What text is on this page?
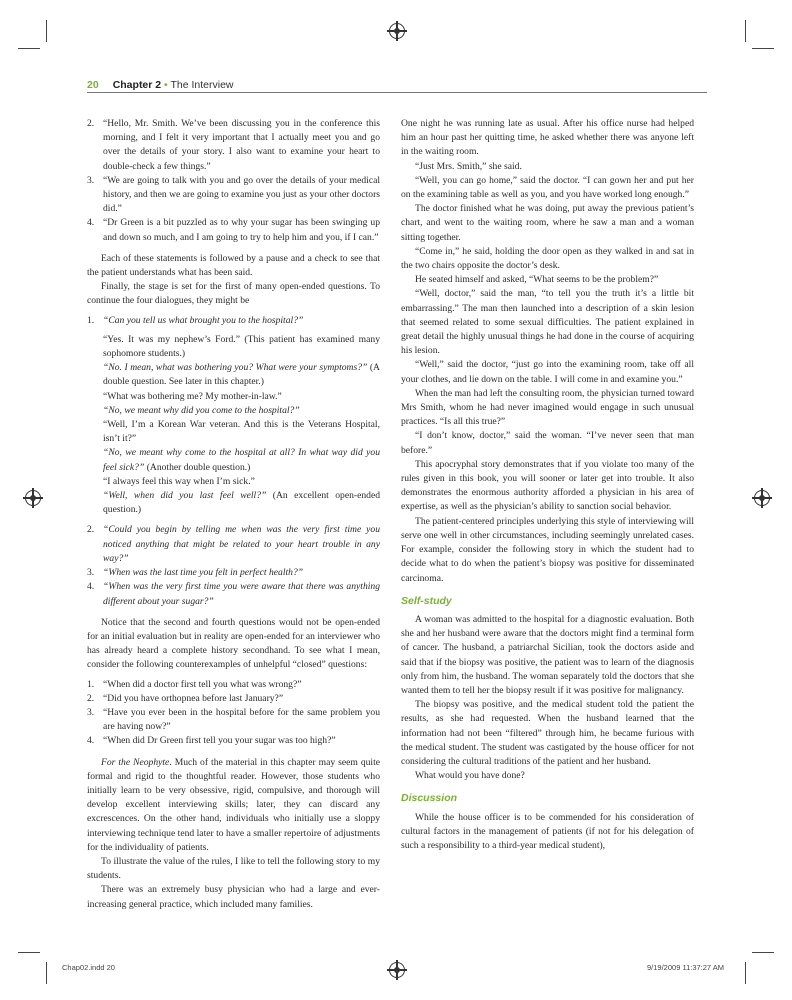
20 Chapter 2 • The Interview
2. “Hello, Mr. Smith. We’ve been discussing you in the conference this morning, and I felt it very important that I actually meet you and go over the details of your story. I also want to examine your heart to double-check a few things.”
3. “We are going to talk with you and go over the details of your medical history, and then we are going to examine you just as your other doctors did.”
4. “Dr Green is a bit puzzled as to why your sugar has been swinging up and down so much, and I am going to try to help him and you, if I can.”

Each of these statements is followed by a pause and a check to see that the patient understands what has been said.

Finally, the stage is set for the first of many open-ended questions. To continue the four dialogues, they might be

1. “Can you tell us what brought you to the hospital?”

“Yes. It was my nephew’s Ford.” (This patient has examined many sophomore students.)

“No. I mean, what was bothering you? What were your symptoms?” (A double question. See later in this chapter.)

“What was bothering me? My mother-in-law.”

“No, we meant why did you come to the hospital?”

“Well, I’m a Korean War veteran. And this is the Veterans Hospital, isn’t it?”

“No, we meant why come to the hospital at all? In what way did you feel sick?” (Another double question.)

“I always feel this way when I’m sick.”

“Well, when did you last feel well?” (An excellent open-ended question.)

2. “Could you begin by telling me when was the very first time you noticed anything that might be related to your heart trouble in any way?”
3. “When was the last time you felt in perfect health?”
4. “When was the very first time you were aware that there was anything different about your sugar?”

Notice that the second and fourth questions would not be open-ended for an initial evaluation but in reality are open-ended for an interviewer who has already heard a complete history secondhand. To see what I mean, consider the following counterexamples of unhelpful “closed” questions:

1. “When did a doctor first tell you what was wrong?”
2. “Did you have orthopnea before last January?”
3. “Have you ever been in the hospital before for the same problem you are having now?”
4. “When did Dr Green first tell you your sugar was too high?”

For the Neophyte. Much of the material in this chapter may seem quite formal and rigid to the thoughtful reader. However, those students who initially learn to be very obsessive, rigid, compulsive, and thorough will develop excellent interviewing skills; later, they can discard any excrescences. On the other hand, individuals who initially use a sloppy interviewing technique tend later to have a smaller repertoire of adjustments for the individuality of patients.

To illustrate the value of the rules, I like to tell the following story to my students.

There was an extremely busy physician who had a large and ever-increasing general practice, which included many families.

One night he was running late as usual. After his office nurse had helped him an hour past her quitting time, he asked whether there was anyone left in the waiting room.

“Just Mrs. Smith,” she said.

“Well, you can go home,” said the doctor. “I can gown her and put her on the examining table as well as you, and you have worked long enough.”

The doctor finished what he was doing, put away the previous patient’s chart, and went to the waiting room, where he saw a man and a woman sitting together.

“Come in,” he said, holding the door open as they walked in and sat in the two chairs opposite the doctor’s desk.

He seated himself and asked, “What seems to be the problem?”

“Well, doctor,” said the man, “to tell you the truth it’s a little bit embarrassing.” The man then launched into a description of a skin lesion that seemed related to some sexual difficulties. The patient explained in great detail the highly unusual things he had done in the course of acquiring his lesion.

“Well,” said the doctor, “just go into the examining room, take off all your clothes, and lie down on the table. I will come in and examine you.”

When the man had left the consulting room, the physician turned toward Mrs Smith, whom he had never imagined would engage in such unusual practices. “Is all this true?”

“I don’t know, doctor,” said the woman. “I’ve never seen that man before.”

This apocryphal story demonstrates that if you violate too many of the rules given in this book, you will sooner or later get into trouble. It also demonstrates the enormous authority afforded a physician in his area of expertise, as well as the physician’s ability to sanction social behavior.

The patient-centered principles underlying this style of interviewing will serve one well in other circumstances, including seemingly unrelated cases. For example, consider the following story in which the student had to decide what to do when the patient’s biopsy was positive for disseminated carcinoma.

Self-study

A woman was admitted to the hospital for a diagnostic evaluation. Both she and her husband were aware that the doctors might find a terminal form of cancer. The husband, a patriarchal Sicilian, took the doctors aside and said that if the biopsy was positive, the patient was to learn of the diagnosis only from him, the husband. The woman separately told the doctors that she wanted them to tell her the biopsy result if it was positive for malignancy.

The biopsy was positive, and the medical student told the patient the results, as she had requested. When the husband learned that the information had not been “filtered” through him, he became furious with the medical student. The student was castigated by the house officer for not considering the cultural traditions of the patient and her husband.

What would you have done?

Discussion

While the house officer is to be commended for his consideration of cultural factors in the management of patients (if not for his delegation of such a responsibility to a third-year medical student),

Chap02.indd 20	9/19/2009 11:37:27 AM
